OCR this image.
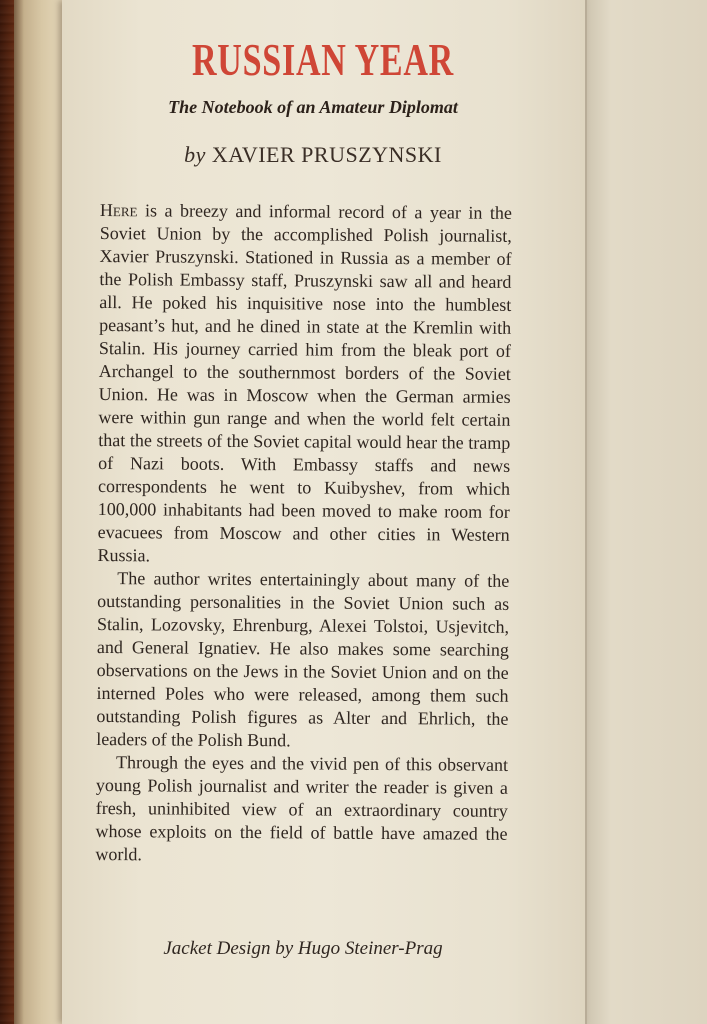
RUSSIAN YEAR
The Notebook of an Amateur Diplomat
by XAVIER PRUSZYNSKI

Here is a breezy and informal record of a year in the Soviet Union by the accomplished Polish journalist, Xavier Pruszynski. Stationed in Russia as a member of the Polish Embassy staff, Pruszynski saw all and heard all. He poked his inquisitive nose into the humblest peasant’s hut, and he dined in state at the Kremlin with Stalin. His journey carried him from the bleak port of Archangel to the southernmost borders of the Soviet Union. He was in Moscow when the German armies were within gun range and when the world felt certain that the streets of the Soviet capital would hear the tramp of Nazi boots. With Embassy staffs and news correspondents he went to Kuibyshev, from which 100,000 inhabitants had been moved to make room for evacuees from Moscow and other cities in Western Russia.

The author writes entertainingly about many of the outstanding personalities in the Soviet Union such as Stalin, Lozovsky, Ehrenburg, Alexei Tolstoi, Usjevitch, and General Ignatiev. He also makes some searching observations on the Jews in the Soviet Union and on the interned Poles who were released, among them such outstanding Polish figures as Alter and Ehrlich, the leaders of the Polish Bund.

Through the eyes and the vivid pen of this observant young Polish journalist and writer the reader is given a fresh, uninhibited view of an extraordinary country whose exploits on the field of battle have amazed the world.

Jacket Design by Hugo Steiner-Prag
